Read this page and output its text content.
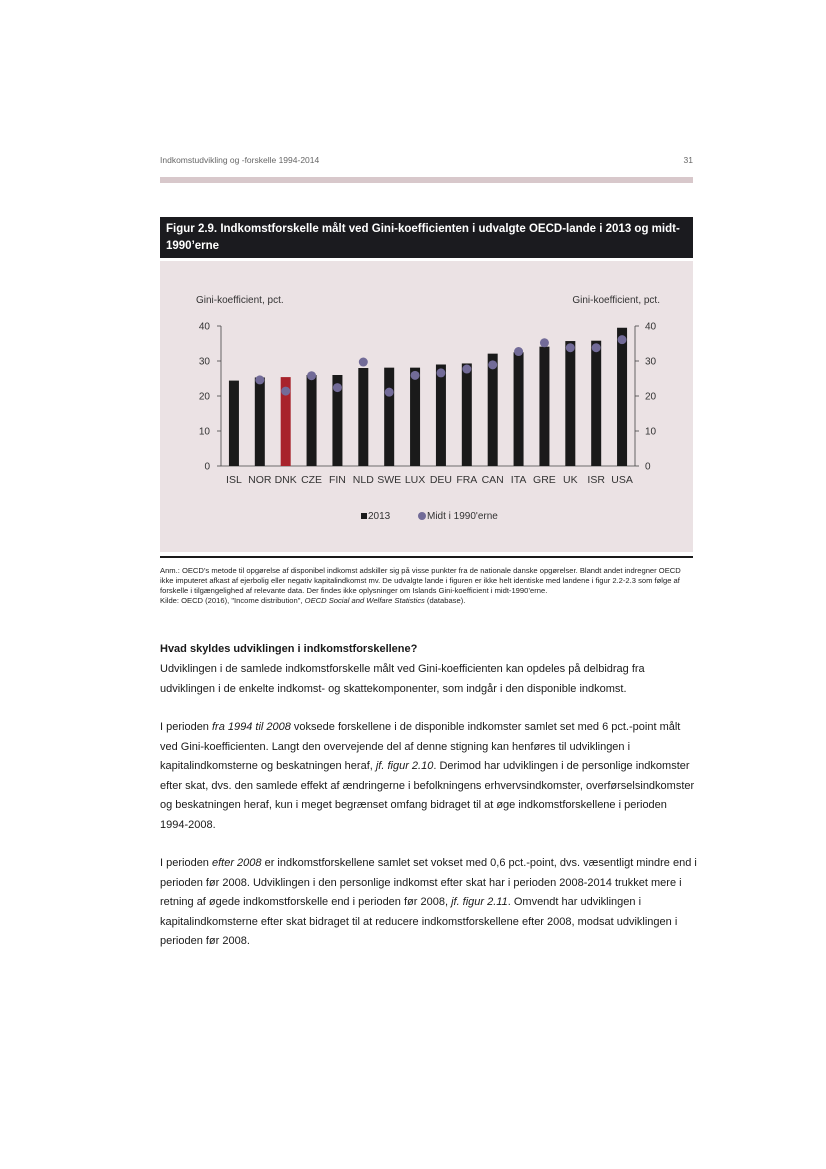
Indkomstudvikling og -forskelle 1994-2014	31
Figur 2.9. Indkomstforskelle målt ved Gini-koefficienten i udvalgte OECD-lande i 2013 og midt-1990’erne
0	0
10	10
20	20
30	30
40	40
Gini-koefficient, pct.	Gini-koefficient, pct.
ISL NOR DNK CZE FIN NLD SWE LUX DEU FRA CAN ITA GRE UK ISR USA
2013	Midt i 1990'erne

Anm.: OECD’s metode til opgørelse af disponibel indkomst adskiller sig på visse punkter fra de nationale danske opgørelser. Blandt andet indregner OECD ikke imputeret afkast af ejerbolig eller negativ kapitalindkomst mv. De udvalgte lande i figuren er ikke helt identiske med landene i figur 2.2-2.3 som følge af forskelle i tilgængelighed af relevante data. Der findes ikke oplysninger om Islands Gini-koefficient i midt-1990’erne.

Kilde: OECD (2016), "Income distribution", OECD Social and Welfare Statistics (database).

Hvad skyldes udviklingen i indkomstforskellene?

Udviklingen i de samlede indkomstforskelle målt ved Gini-koefficienten kan opdeles på delbidrag fra udviklingen i de enkelte indkomst- og skattekomponenter, som indgår i den disponible indkomst.

I perioden fra 1994 til 2008 voksede forskellene i de disponible indkomster samlet set med 6 pct.-point målt ved Gini-koefficienten. Langt den overvejende del af denne stigning kan henføres til udviklingen i kapitalindkomsterne og beskatningen heraf, jf. figur 2.10. Derimod har udviklingen i de personlige indkomster efter skat, dvs. den samlede effekt af ændringerne i befolkningens erhvervsindkomster, overførselsindkomster og beskatningen heraf, kun i meget begrænset omfang bidraget til at øge indkomstforskellene i perioden 1994-2008.

I perioden efter 2008 er indkomstforskellene samlet set vokset med 0,6 pct.-point, dvs. væsentligt mindre end i perioden før 2008. Udviklingen i den personlige indkomst efter skat har i perioden 2008-2014 trukket mere i retning af øgede indkomstforskelle end i perioden før 2008, jf. figur 2.11. Omvendt har udviklingen i kapitalindkomsterne efter skat bidraget til at reducere indkomstforskellene efter 2008, modsat udviklingen i perioden før 2008.
